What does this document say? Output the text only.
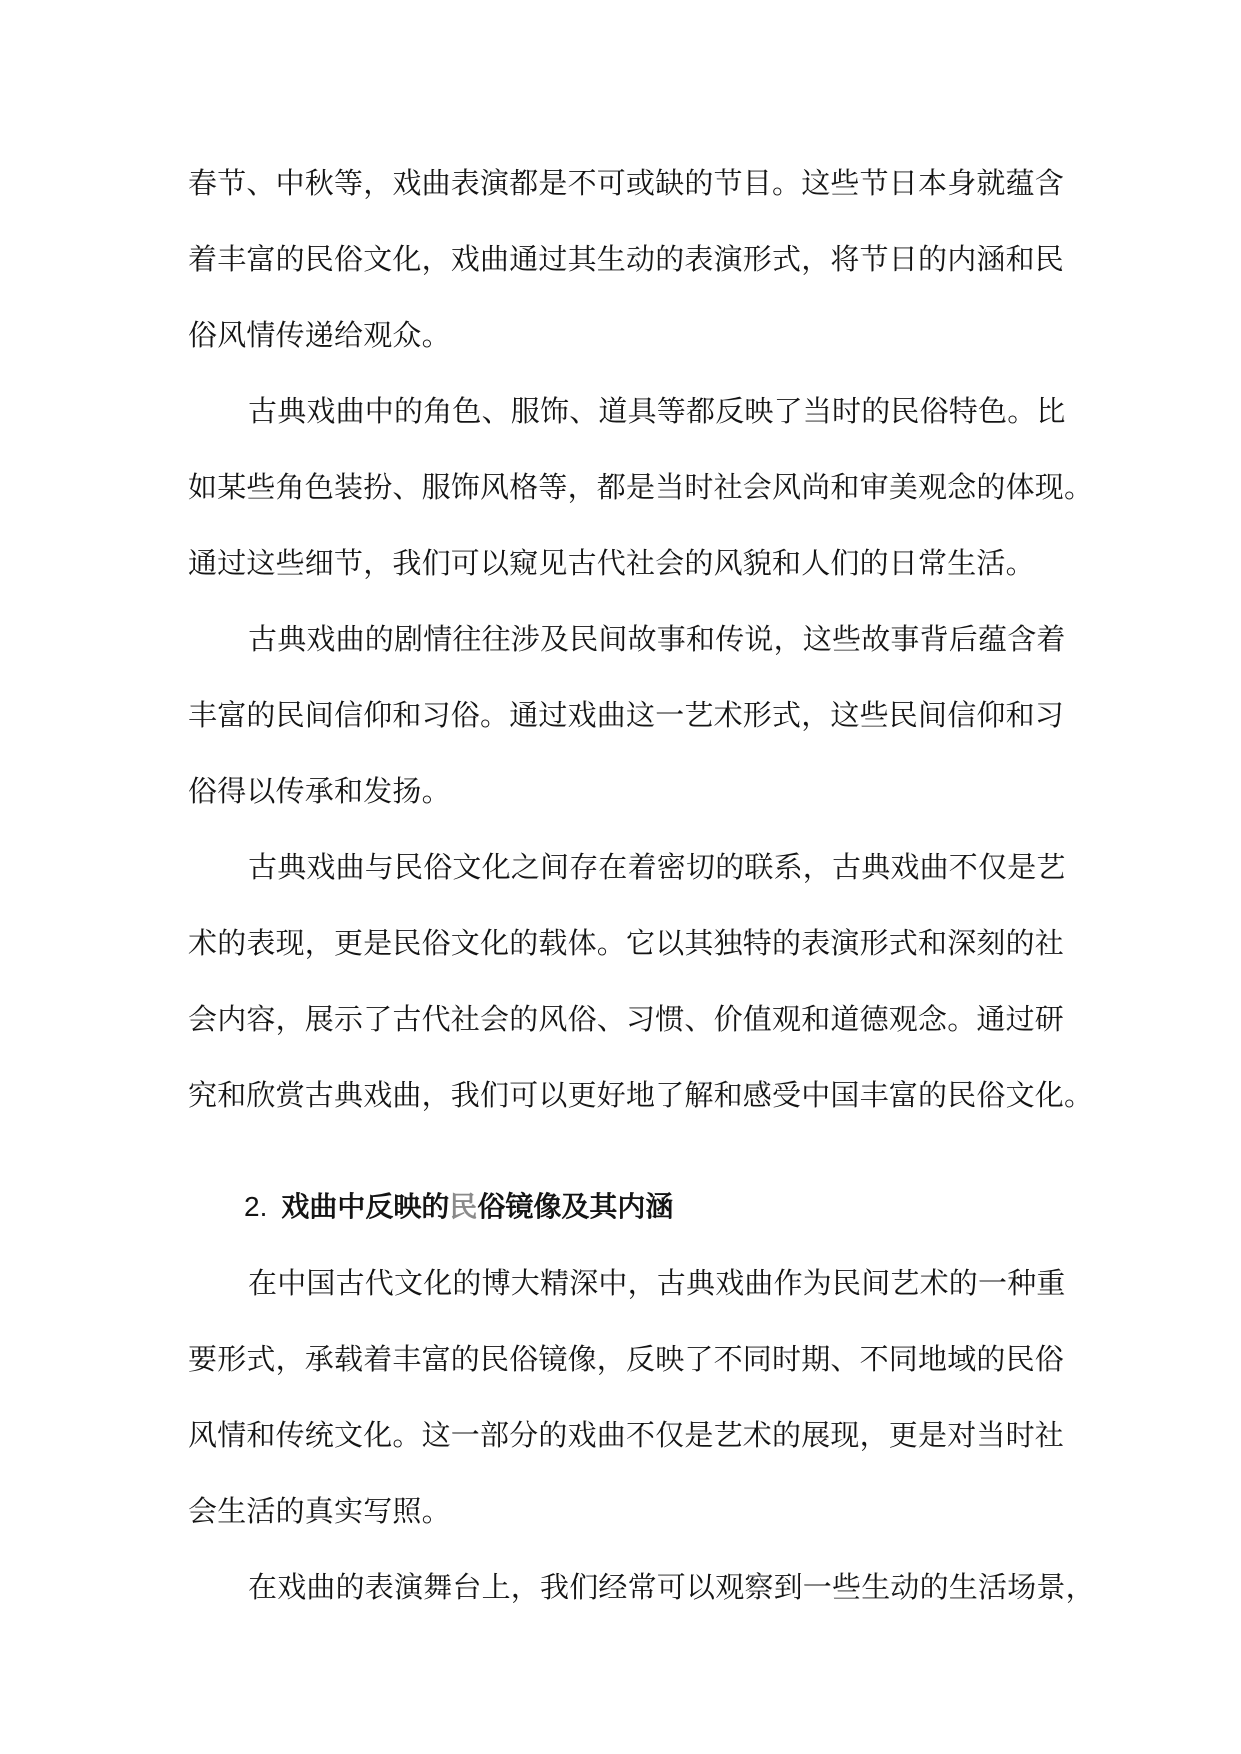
春节、中秋等，戏曲表演都是不可或缺的节目。这些节日本身就蕴含
着丰富的民俗文化，戏曲通过其生动的表演形式，将节日的内涵和民
俗风情传递给观众。
古典戏曲中的角色、服饰、道具等都反映了当时的民俗特色。比
如某些角色装扮、服饰风格等，都是当时社会风尚和审美观念的体现。
通过这些细节，我们可以窥见古代社会的风貌和人们的日常生活。
古典戏曲的剧情往往涉及民间故事和传说，这些故事背后蕴含着
丰富的民间信仰和习俗。通过戏曲这一艺术形式，这些民间信仰和习
俗得以传承和发扬。
古典戏曲与民俗文化之间存在着密切的联系，古典戏曲不仅是艺
术的表现，更是民俗文化的载体。它以其独特的表演形式和深刻的社
会内容，展示了古代社会的风俗、习惯、价值观和道德观念。通过研
究和欣赏古典戏曲，我们可以更好地了解和感受中国丰富的民俗文化。
2. 戏曲中反映的民俗镜像及其内涵
在中国古代文化的博大精深中，古典戏曲作为民间艺术的一种重
要形式，承载着丰富的民俗镜像，反映了不同时期、不同地域的民俗
风情和传统文化。这一部分的戏曲不仅是艺术的展现，更是对当时社
会生活的真实写照。
在戏曲的表演舞台上，我们经常可以观察到一些生动的生活场景，
